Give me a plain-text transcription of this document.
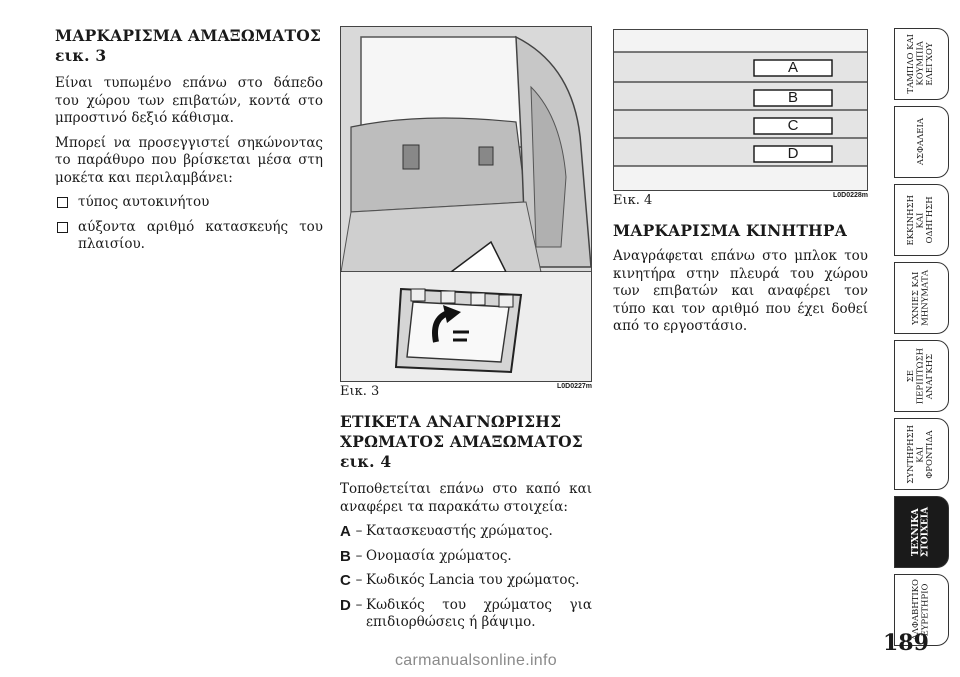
ΜΑΡΚΑΡΙΣΜΑ ΑΜΑΞΩΜΑΤΟΣ
εικ. 3

Είναι τυπωμένο επάνω στο δάπεδο του χώρου των επιβατών, κοντά στο μπροστινό δεξιό κάθισμα.

Μπορεί να προσεγγιστεί σηκώνοντας το παράθυρο που βρίσκεται μέσα στη μοκέτα και περιλαμβάνει:

τύπος αυτοκινήτου
αύξοντα αριθμό κατασκευής του πλαισίου.
Εικ. 3	L0D0227m
ΕΤΙΚΕΤΑ ΑΝΑΓΝΩΡΙΣΗΣ
ΧΡΩΜΑΤΟΣ ΑΜΑΞΩΜΑΤΟΣ
εικ. 4

Τοποθετείται επάνω στο καπό και αναφέρει τα παρακάτω στοιχεία:

A – Κατασκευαστής χρώματος.
B – Ονομασία χρώματος.
C – Κωδικός Lancia του χρώματος.
D – Κωδικός του χρώματος για επιδιορθώσεις ή βάψιμο.
A
B
C
D
Εικ. 4	L0D0228m
ΜΑΡΚΑΡΙΣΜΑ ΚΙΝΗΤΗΡΑ

Αναγράφεται επάνω στο μπλοκ του κινητήρα στην πλευρά του χώρου των επιβατών και αναφέρει τον τύπο και τον αριθμό που έχει δοθεί από το εργοστάσιο.

ΤΑΜΠΛΟ ΚΑΙ
ΚΟΥΜΠΙΑ
ΕΛΕΓΧΟΥ
ΑΣΦΑΛΕΙΑ
ΕΚΚΙΝΗΣΗ
ΚΑΙ
ΟΔΗΓΗΣΗ
ΥΧΝΙΕΣ ΚΑΙ
ΜΗΝΥΜΑΤΑ
ΣΕ
ΠΕΡΙΠΤΩΣΗ
ΑΝΑΓΚΗΣ
ΣΥΝΤΗΡΗΣΗ
ΚΑΙ
ΦΡΟΝΤΙΔΑ
ΤΕΧΝΙΚΑ
ΣΤΟΙΧΕΙΑ
ΑΛΦΑΒΗΤΙΚΟ
ΕΥΡΕΤΗΡΙΟ
189
carmanualsonline.info
